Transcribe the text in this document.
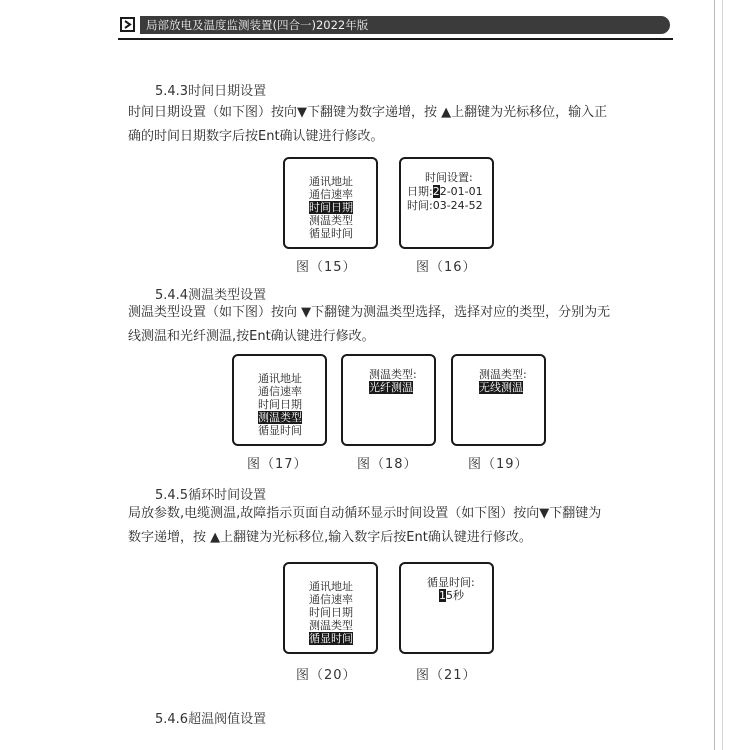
局部放电及温度监测装置(四合一)2022年版
5.4.3时间日期设置
时间日期设置（如下图）按向▼下翻键为数字递增，按 ▲上翻键为光标移位，输入正
确的时间日期数字后按Ent确认键进行修改。
通讯地址
通信速率
时间日期
测温类型
循显时间
图（15）
时间设置:
日期:22-01-01
时间:03-24-52
图（16）
5.4.4测温类型设置
测温类型设置（如下图）按向 ▼下翻键为测温类型选择，选择对应的类型，分别为无
线测温和光纤测温,按Ent确认键进行修改。
通讯地址
通信速率
时间日期
测温类型
循显时间
图（17）
测温类型:
光纤测温
图（18）
测温类型:
无线测温
图（19）
5.4.5循环时间设置
局放参数,电缆测温,故障指示页面自动循环显示时间设置（如下图）按向▼下翻键为
数字递增，按 ▲上翻键为光标移位,输入数字后按Ent确认键进行修改。
通讯地址
通信速率
时间日期
测温类型
循显时间
图（20）
循显时间:
15秒
图（21）
5.4.6超温阀值设置
